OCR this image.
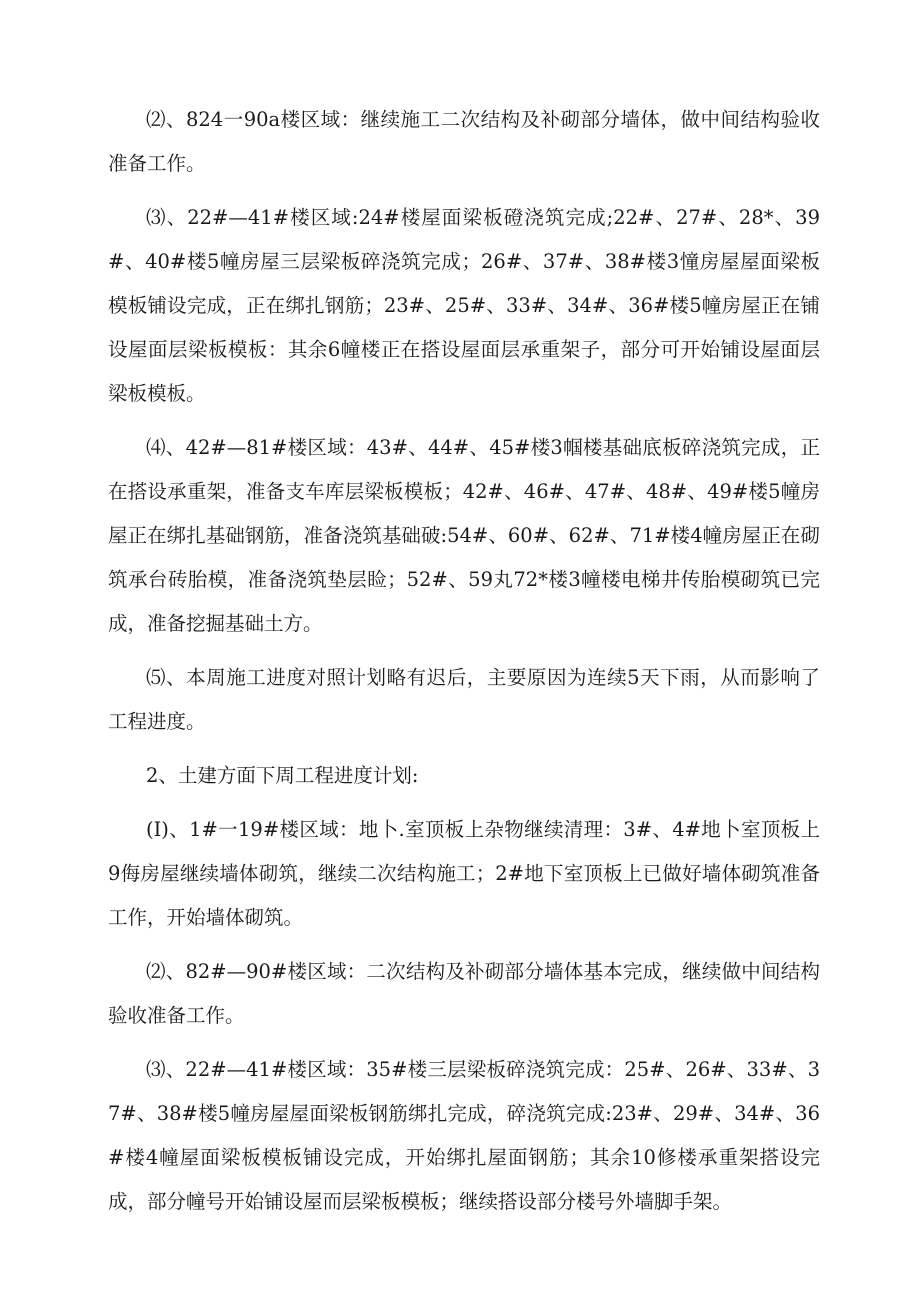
⑵、824一90a楼区域：继续施工二次结构及补砌部分墙体，做中间结构验收准备工作。

⑶、22#—41#楼区域:24#楼屋面梁板磴浇筑完成;22#、27#、28*、39#、40#楼5幢房屋三层梁板碎浇筑完成；26#、37#、38#楼3憧房屋屋面梁板模板铺设完成，正在绑扎钢筋；23#、25#、33#、34#、36#楼5幢房屋正在铺设屋面层梁板模板：其余6幢楼正在搭设屋面层承重架子，部分可开始铺设屋面层梁板模板。

⑷、42#—81#楼区域：43#、44#、45#楼3帼楼基础底板碎浇筑完成，正在搭设承重架，准备支车库层梁板模板；42#、46#、47#、48#、49#楼5幢房屋正在绑扎基础钢筋，准备浇筑基础破:54#、60#、62#、71#楼4幢房屋正在砌筑承台砖胎模，准备浇筑垫层睑；52#、59丸72*楼3幢楼电梯井传胎模砌筑已完成，准备挖掘基础土方。

⑸、本周施工进度对照计划略有迟后，主要原因为连续5天下雨，从而影响了工程进度。

2、土建方面下周工程进度计划:

(I)、1#一19#楼区域：地卜.室顶板上杂物继续清理：3#、4#地卜室顶板上9侮房屋继续墙体砌筑，继续二次结构施工；2#地下室顶板上已做好墙体砌筑准备工作，开始墙体砌筑。

⑵、82#—90#楼区域：二次结构及补砌部分墙体基本完成，继续做中间结构验收准备工作。

⑶、22#—41#楼区域：35#楼三层梁板碎浇筑完成：25#、26#、33#、37#、38#楼5幢房屋屋面梁板钢筋绑扎完成，碎浇筑完成:23#、29#、34#、36#楼4幢屋面梁板模板铺设完成，开始绑扎屋面钢筋；其余10修楼承重架搭设完成，部分幢号开始铺设屋而层梁板模板；继续搭设部分楼号外墙脚手架。
